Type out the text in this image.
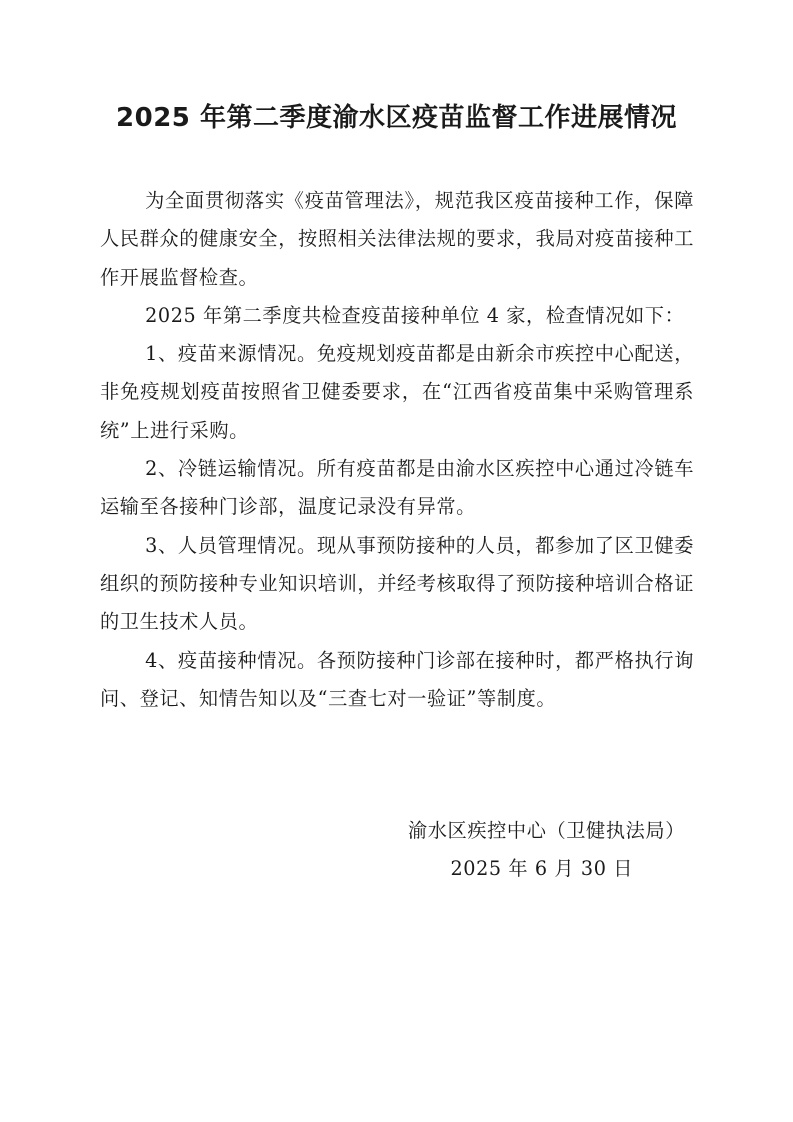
2025 年第二季度渝水区疫苗监督工作进展情况

为全面贯彻落实《疫苗管理法》，规范我区疫苗接种工作，保障人民群众的健康安全，按照相关法律法规的要求，我局对疫苗接种工作开展监督检查。

2025 年第二季度共检查疫苗接种单位 4 家，检查情况如下：

1、疫苗来源情况。免疫规划疫苗都是由新余市疾控中心配送，非免疫规划疫苗按照省卫健委要求，在“江西省疫苗集中采购管理系统”上进行采购。

2、冷链运输情况。所有疫苗都是由渝水区疾控中心通过冷链车运输至各接种门诊部，温度记录没有异常。

3、人员管理情况。现从事预防接种的人员，都参加了区卫健委组织的预防接种专业知识培训，并经考核取得了预防接种培训合格证的卫生技术人员。

4、疫苗接种情况。各预防接种门诊部在接种时，都严格执行询问、登记、知情告知以及“三查七对一验证”等制度。

渝水区疾控中心（卫健执法局）
2025 年 6 月 30 日
